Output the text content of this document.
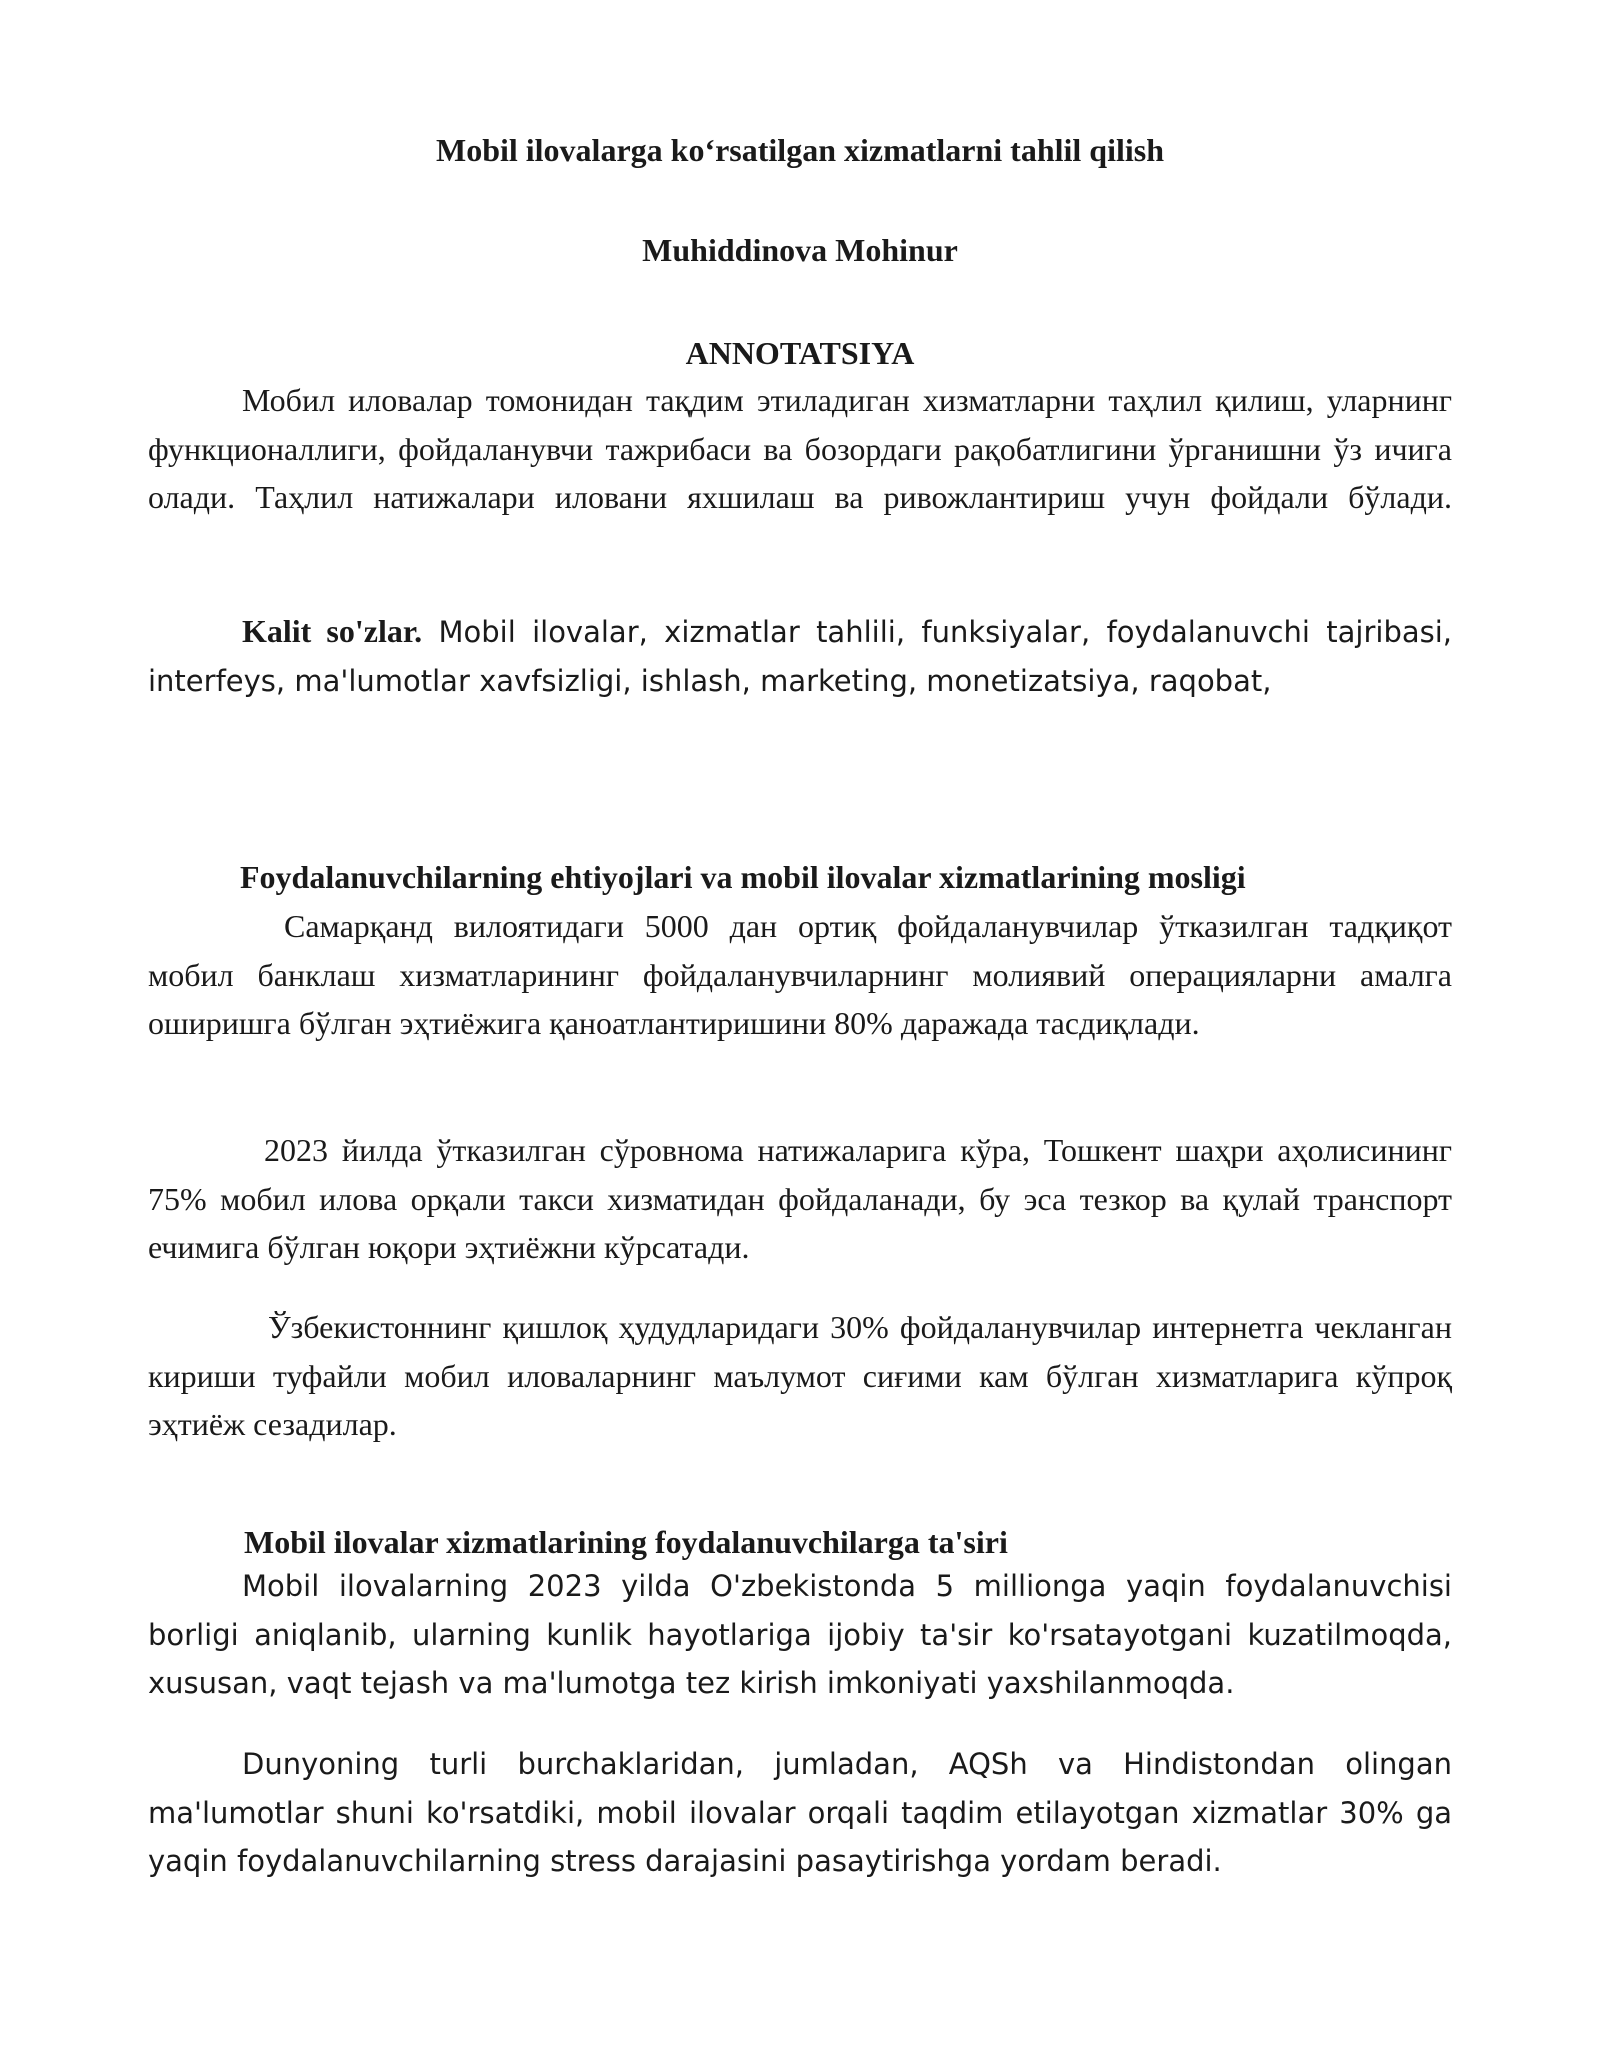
Mobil ilovalarga ko‘rsatilgan xizmatlarni tahlil qilish
Muhiddinova Mohinur
ANNOTATSIYA

Мобил иловалар томонидан тақдим этиладиган хизматларни таҳлил қилиш, уларнинг функционаллиги, фойдаланувчи тажрибаси ва бозордаги рақобатлигини ўрганишни ўз ичига олади. Таҳлил натижалари иловани яхшилаш ва ривожлантириш учун фойдали бўлади.

Kalit so'zlar. Mobil ilovalar, xizmatlar tahlili, funksiyalar, foydalanuvchi tajribasi, interfeys, ma'lumotlar xavfsizligi, ishlash, marketing, monetizatsiya, raqobat,

Foydalanuvchilarning ehtiyojlari va mobil ilovalar xizmatlarining mosligi

Самарқанд вилоятидаги 5000 дан ортиқ фойдаланувчилар ўтказилган тадқиқот мобил банклаш хизматларининг фойдаланувчиларнинг молиявий операцияларни амалга оширишга бўлган эҳтиёжига қаноатлантиришини 80% даражада тасдиқлади.

2023 йилда ўтказилган сўровнома натижаларига кўра, Тошкент шаҳри аҳолисининг 75% мобил илова орқали такси хизматидан фойдаланади, бу эса тезкор ва қулай транспорт ечимига бўлган юқори эҳтиёжни кўрсатади.

Ўзбекистоннинг қишлоқ ҳудудларидаги 30% фойдаланувчилар интернетга чекланган кириши туфайли мобил иловаларнинг маълумот сиғими кам бўлган хизматларига кўпроқ эҳтиёж сезадилар.

Mobil ilovalar xizmatlarining foydalanuvchilarga ta'siri

Mobil ilovalarning 2023 yilda O'zbekistonda 5 millionga yaqin foydalanuvchisi borligi aniqlanib, ularning kunlik hayotlariga ijobiy ta'sir ko'rsatayotgani kuzatilmoqda, xususan, vaqt tejash va ma'lumotga tez kirish imkoniyati yaxshilanmoqda.

Dunyoning turli burchaklaridan, jumladan, AQSh va Hindistondan olingan ma'lumotlar shuni ko'rsatdiki, mobil ilovalar orqali taqdim etilayotgan xizmatlar 30% ga yaqin foydalanuvchilarning stress darajasini pasaytirishga yordam beradi.
